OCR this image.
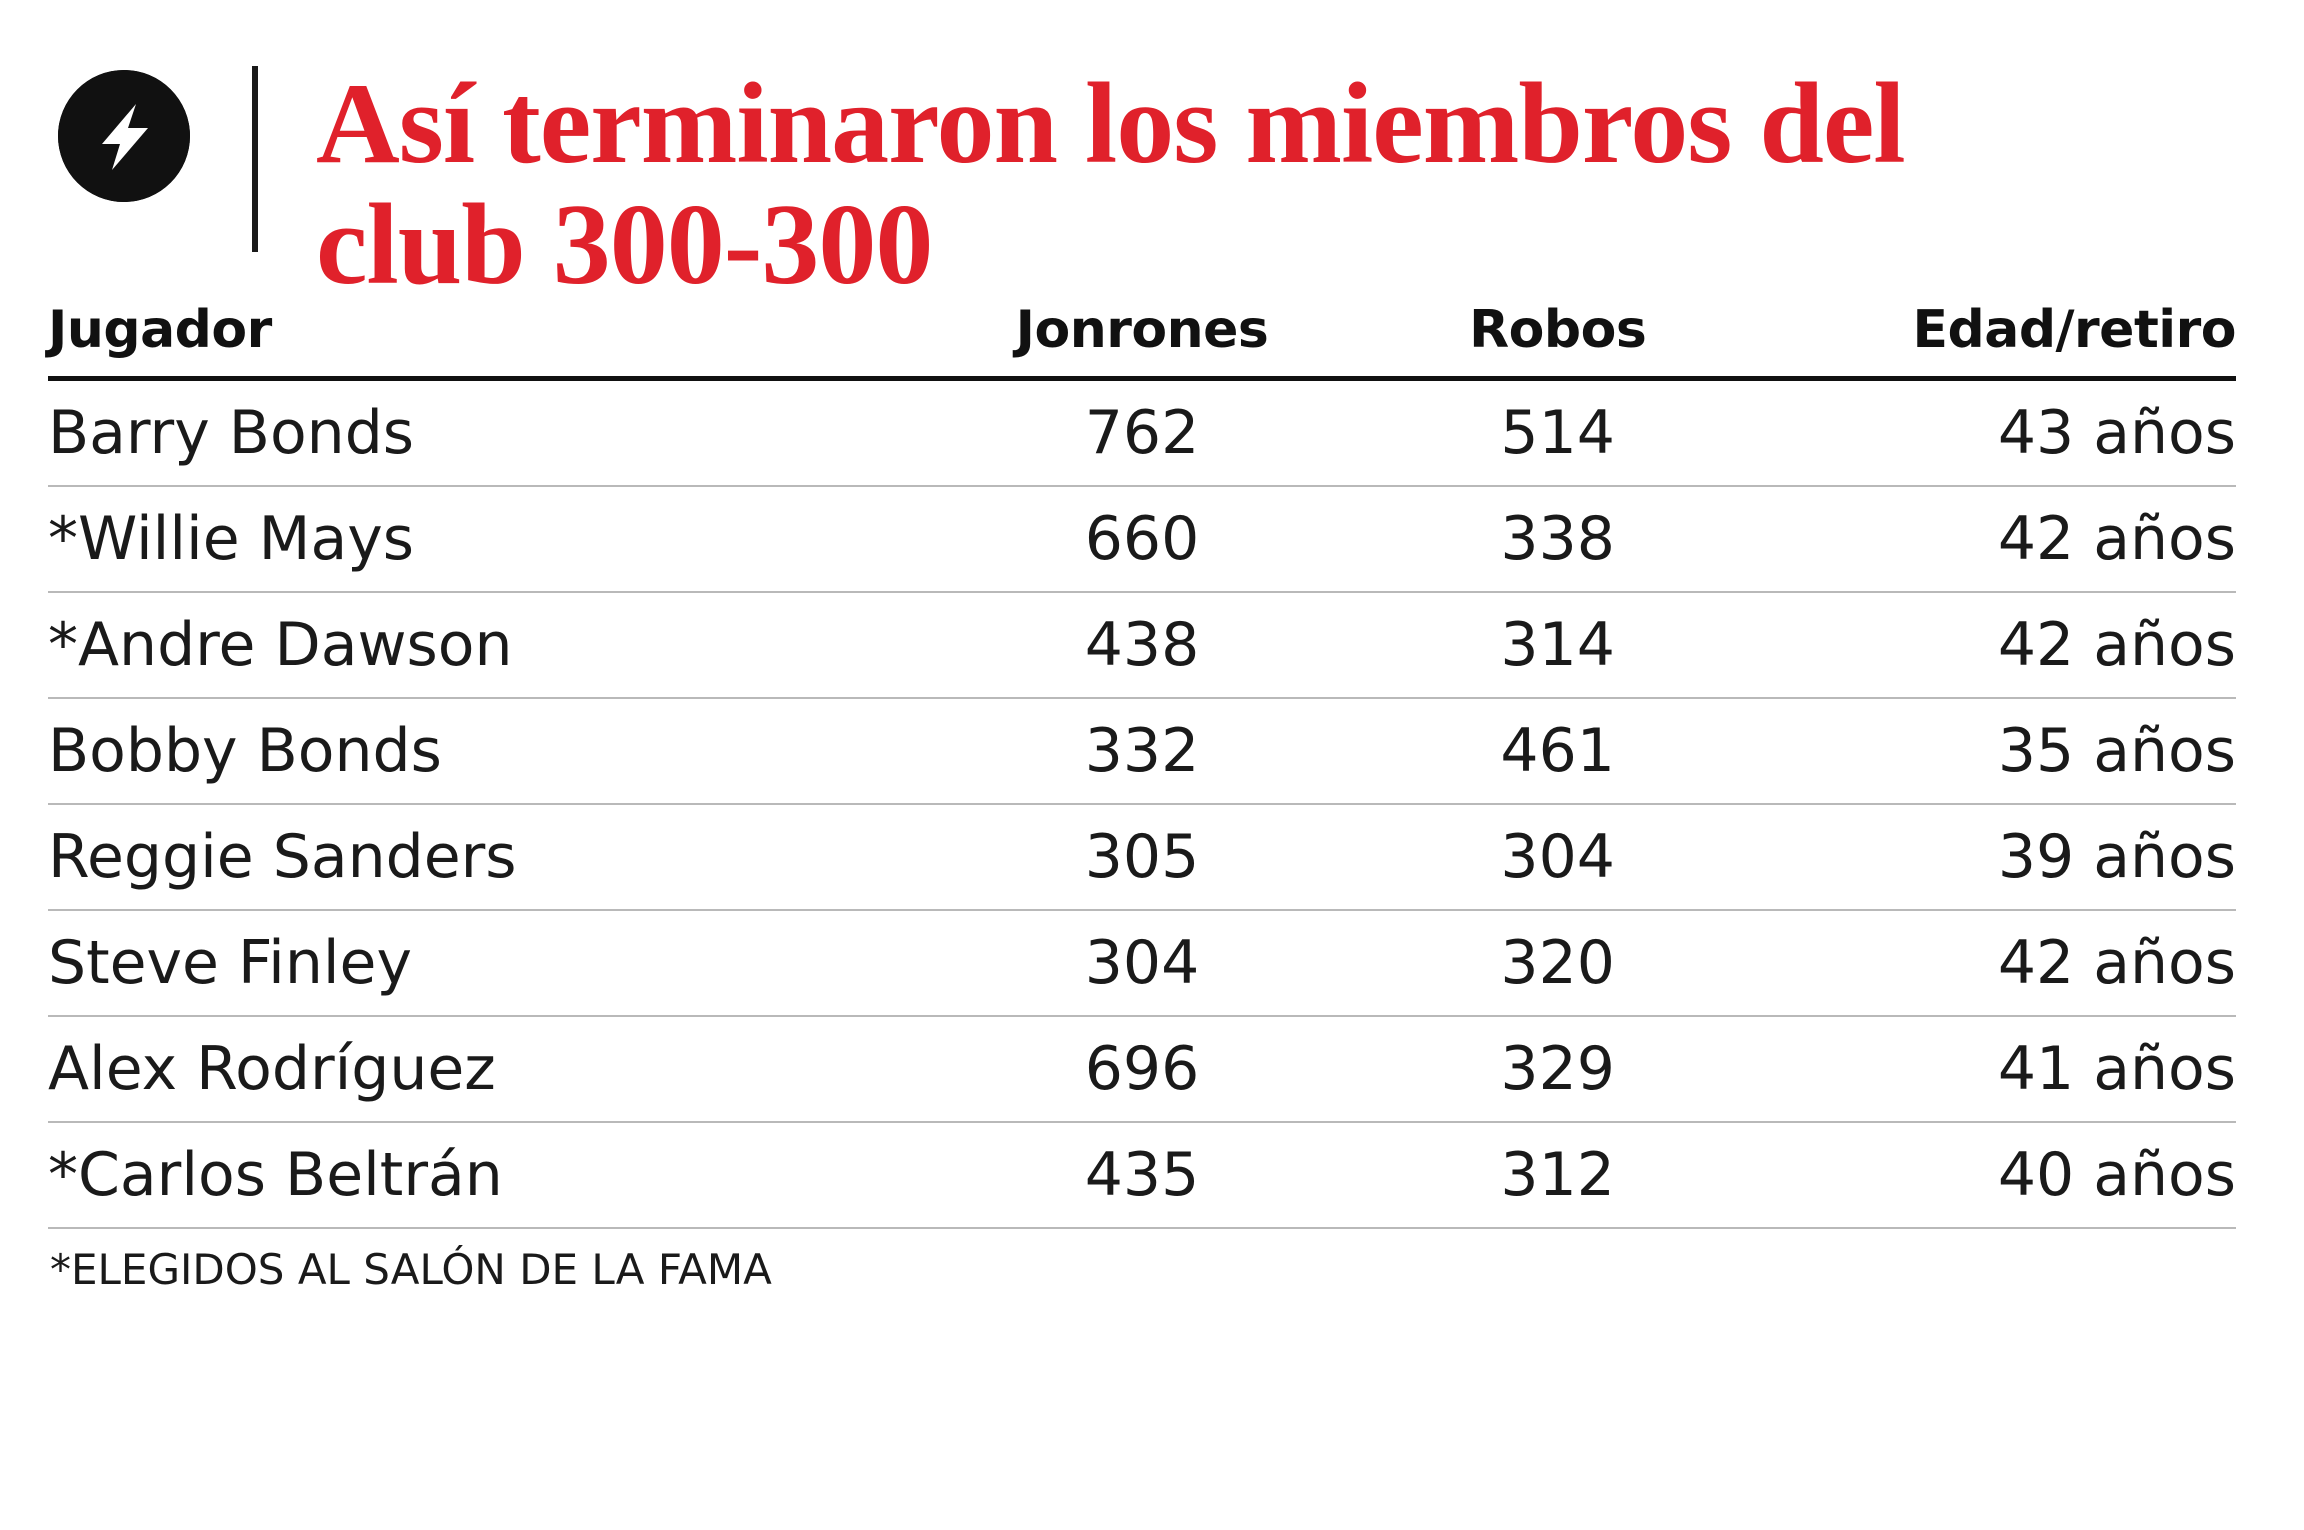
Así terminaron los miembros del club 300-300
Jugador	Jonrones	Robos	Edad/retiro
Barry Bonds	762	514	43 años
*Willie Mays	660	338	42 años
*Andre Dawson	438	314	42 años
Bobby Bonds	332	461	35 años
Reggie Sanders	305	304	39 años
Steve Finley	304	320	42 años
Alex Rodríguez	696	329	41 años
*Carlos Beltrán	435	312	40 años
*ELEGIDOS AL SALÓN DE LA FAMA
